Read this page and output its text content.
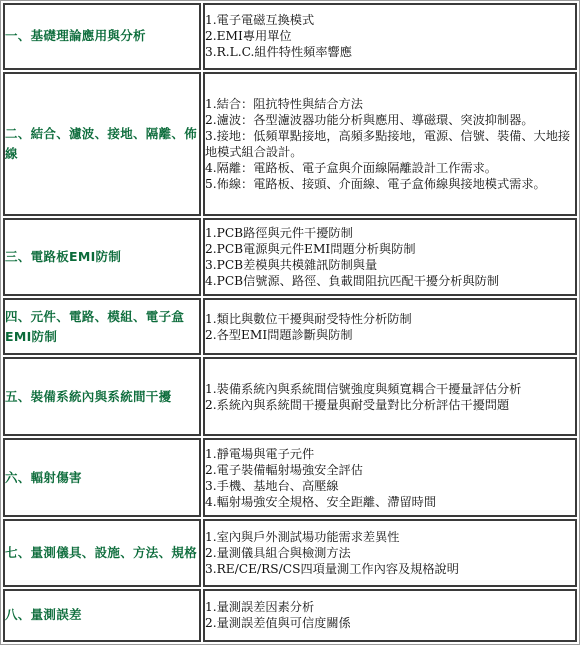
一、基礎理論應用與分析	1.電子電磁互換模式
2.EMI專用單位
3.R.L.C.組件特性頻率響應

二、結合、濾波、接地、隔離、佈線	1.結合：阻抗特性與結合方法
2.濾波：各型濾波器功能分析與應用、導磁環、突波抑制器。
3.接地：低頻單點接地，高頻多點接地，電源、信號、裝備、大地接地模式組合設計。
4.隔離：電路板、電子盒與介面線隔離設計工作需求。
5.佈線：電路板、接頭、介面線、電子盒佈線與接地模式需求。

三、電路板EMI防制	1.PCB路徑與元件干擾防制
2.PCB電源與元件EMI問題分析與防制
3.PCB差模與共模雜訊防制與量
4.PCB信號源、路徑、負載間阻抗匹配干擾分析與防制

四、元件、電路、模組、電子盒EMI防制	1.類比與數位干擾與耐受特性分析防制
2.各型EMI問題診斷與防制

五、裝備系統內與系統間干擾	1.裝備系統內與系統間信號強度與頻寬耦合干擾量評估分析
2.系統內與系統間干擾量與耐受量對比分析評估干擾問題

六、輻射傷害	1.靜電場與電子元件
2.電子裝備輻射場強安全評估
3.手機、基地台、高壓線
4.輻射場強安全規格、安全距離、滯留時間

七、量測儀具、設施、方法、規格	1.室內與戶外測試場功能需求差異性
2.量測儀具組合與檢測方法
3.RE/CE/RS/CS四項量測工作內容及規格說明

八、量測誤差	1.量測誤差因素分析
2.量測誤差值與可信度關係
